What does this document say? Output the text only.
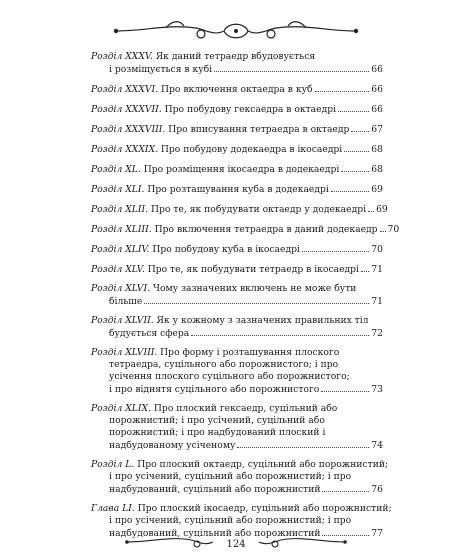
Розділ XXXV. Як даний тетраедр вбудовується
і розміщується в кубі	66
Розділ XXXVI. Про включення октаедра в куб	66
Розділ XXXVII. Про побудову гексаедра в октаедрі	66
Розділ XXXVIII. Про вписування тетраедра в октаедр 67
Розділ XXXIX. Про побудову додекаедра в ікосаедрі	68
Розділ XL. Про розміщення ікосаедра в додекаедрі	68
Розділ XLI. Про розташування куба в додекаедрі	69
Розділ XLII. Про те, як побудувати октаедр у додекаедрі 69
Розділ XLIII. Про включення тетраедра в даний додекаедр 70
Розділ XLIV. Про побудову куба в ікосаедрі	70
Розділ XLV. Про те, як побудувати тетраедр в ікосаедрі 71
Розділ XLVI. Чому зазначених включень не може бути
більше	71
Розділ XLVII. Як у кожному з зазначених правильних тіл
будується сфера	72
Розділ XLVIII. Про форму і розташування плоского
тетраедра, суцільного або порожнистого; і про
усічення плоского суцільного або порожнистого;
і про віднятя суцільного або порожнистого	73
Розділ XLIX. Про плоский гексаедр, суцільний або
порожнистий; і про усічений, суцільний або
порожнистий; і про надбудований плоский і
надбудованому усіченому	74
Розділ L. Про плоский октаедр, суцільний або порожнистий;
і про усічений, суцільний або порожнистий; і про
надбудований, суцільний або порожнистий	76
Глава LI. Про плоский ікосаедр, суцільний або порожнистий;
і про усічений, суцільний або порожнистий; і про
надбудований, суцільний або порожнистий	77
124
